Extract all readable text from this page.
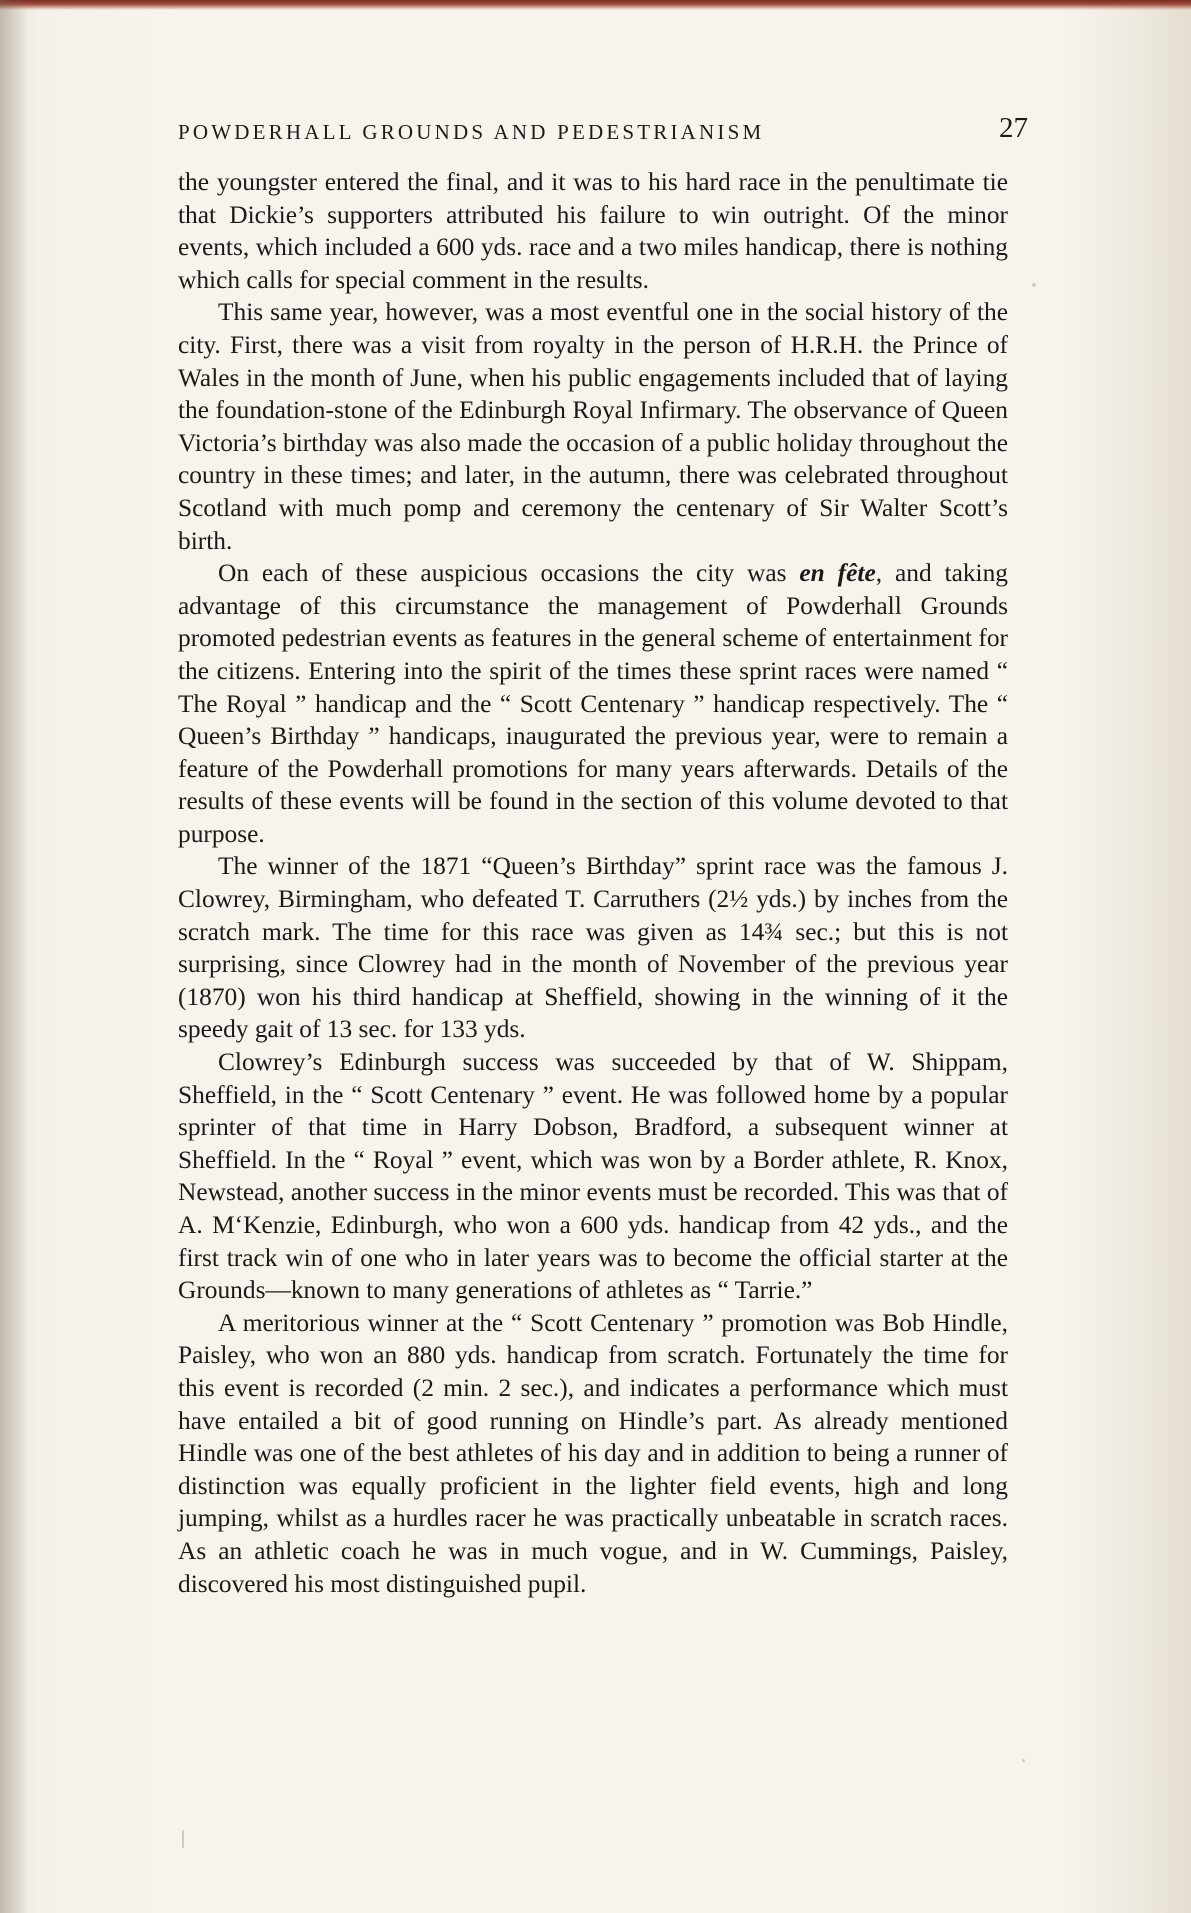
POWDERHALL GROUNDS AND PEDESTRIANISM	27

the youngster entered the final, and it was to his hard race in the penultimate tie that Dickie’s supporters attributed his failure to win outright. Of the minor events, which included a 600 yds. race and a two miles handicap, there is nothing which calls for special comment in the results.

This same year, however, was a most eventful one in the social history of the city. First, there was a visit from royalty in the person of H.R.H. the Prince of Wales in the month of June, when his public engagements included that of laying the foundation-stone of the Edinburgh Royal Infirmary. The observance of Queen Victoria’s birthday was also made the occasion of a public holiday throughout the country in these times; and later, in the autumn, there was celebrated throughout Scotland with much pomp and ceremony the centenary of Sir Walter Scott’s birth.

On each of these auspicious occasions the city was en fête, and taking advantage of this circumstance the management of Powderhall Grounds promoted pedestrian events as features in the general scheme of entertainment for the citizens. Entering into the spirit of the times these sprint races were named “ The Royal ” handicap and the “ Scott Centenary ” handicap respectively. The “ Queen’s Birthday ” handicaps, inaugurated the previous year, were to remain a feature of the Powderhall promotions for many years afterwards. Details of the results of these events will be found in the section of this volume devoted to that purpose.

The winner of the 1871 “Queen’s Birthday” sprint race was the famous J. Clowrey, Birmingham, who defeated T. Carruthers (2½ yds.) by inches from the scratch mark. The time for this race was given as 14¾ sec.; but this is not surprising, since Clowrey had in the month of November of the previous year (1870) won his third handicap at Sheffield, showing in the winning of it the speedy gait of 13 sec. for 133 yds.

Clowrey’s Edinburgh success was succeeded by that of W. Shippam, Sheffield, in the “ Scott Centenary ” event. He was followed home by a popular sprinter of that time in Harry Dobson, Bradford, a subsequent winner at Sheffield. In the “ Royal ” event, which was won by a Border athlete, R. Knox, Newstead, another success in the minor events must be recorded. This was that of A. M‘Kenzie, Edinburgh, who won a 600 yds. handicap from 42 yds., and the first track win of one who in later years was to become the official starter at the Grounds—known to many generations of athletes as “ Tarrie.”

A meritorious winner at the “ Scott Centenary ” promotion was Bob Hindle, Paisley, who won an 880 yds. handicap from scratch. Fortunately the time for this event is recorded (2 min. 2 sec.), and indicates a performance which must have entailed a bit of good running on Hindle’s part. As already mentioned Hindle was one of the best athletes of his day and in addition to being a runner of distinction was equally proficient in the lighter field events, high and long jumping, whilst as a hurdles racer he was practically unbeatable in scratch races. As an athletic coach he was in much vogue, and in W. Cummings, Paisley, discovered his most distinguished pupil.
